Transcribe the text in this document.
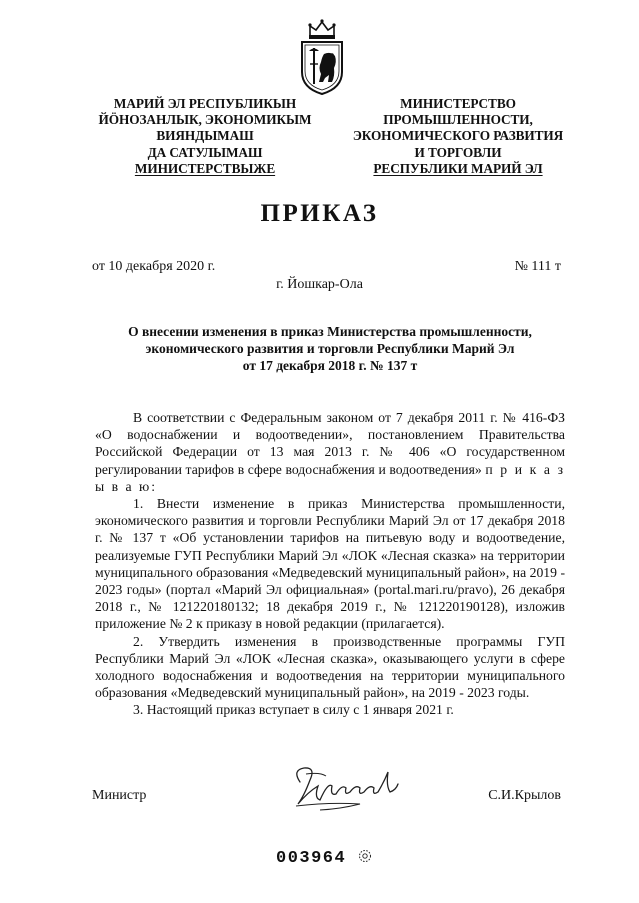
МАРИЙ ЭЛ РЕСПУБЛИКЫН
ЙӦНОЗАНЛЫК, ЭКОНОМИКЫМ
ВИЯНДЫМАШ
ДА САТУЛЫМАШ
МИНИСТЕРСТВЫЖЕ
МИНИСТЕРСТВО
ПРОМЫШЛЕННОСТИ,
ЭКОНОМИЧЕСКОГО РАЗВИТИЯ
И ТОРГОВЛИ
РЕСПУБЛИКИ МАРИЙ ЭЛ
ПРИКАЗ
от 10 декабря 2020 г.	№ 111 т
г. Йошкар-Ола
О внесении изменения в приказ Министерства промышленности,
экономического развития и торговли Республики Марий Эл
от 17 декабря 2018 г. № 137 т

В соответствии с Федеральным законом от 7 декабря 2011 г. № 416-ФЗ «О водоснабжении и водоотведении», постановлением Правительства Российской Федерации от 13 мая 2013 г. № 406 «О государственном регулировании тарифов в сфере водоснабжения и водоотведения» п р и к а з ы в а ю:

1. Внести изменение в приказ Министерства промышленности, экономического развития и торговли Республики Марий Эл от 17 декабря 2018 г. № 137 т «Об установлении тарифов на питьевую воду и водоотведение, реализуемые ГУП Республики Марий Эл «ЛОК «Лесная сказка» на территории муниципального образования «Медведевский муниципальный район», на 2019 - 2023 годы» (портал «Марий Эл официальная» (portal.mari.ru/pravo), 26 декабря 2018 г., № 121220180132; 18 декабря 2019 г., № 121220190128), изложив приложение № 2 к приказу в новой редакции (прилагается).

2. Утвердить изменения в производственные программы ГУП Республики Марий Эл «ЛОК «Лесная сказка», оказывающего услуги в сфере холодного водоснабжения и водоотведения на территории муниципального образования «Медведевский муниципальный район», на 2019 - 2023 годы.

3. Настоящий приказ вступает в силу с 1 января 2021 г.

Министр	С.И.Крылов
003964
